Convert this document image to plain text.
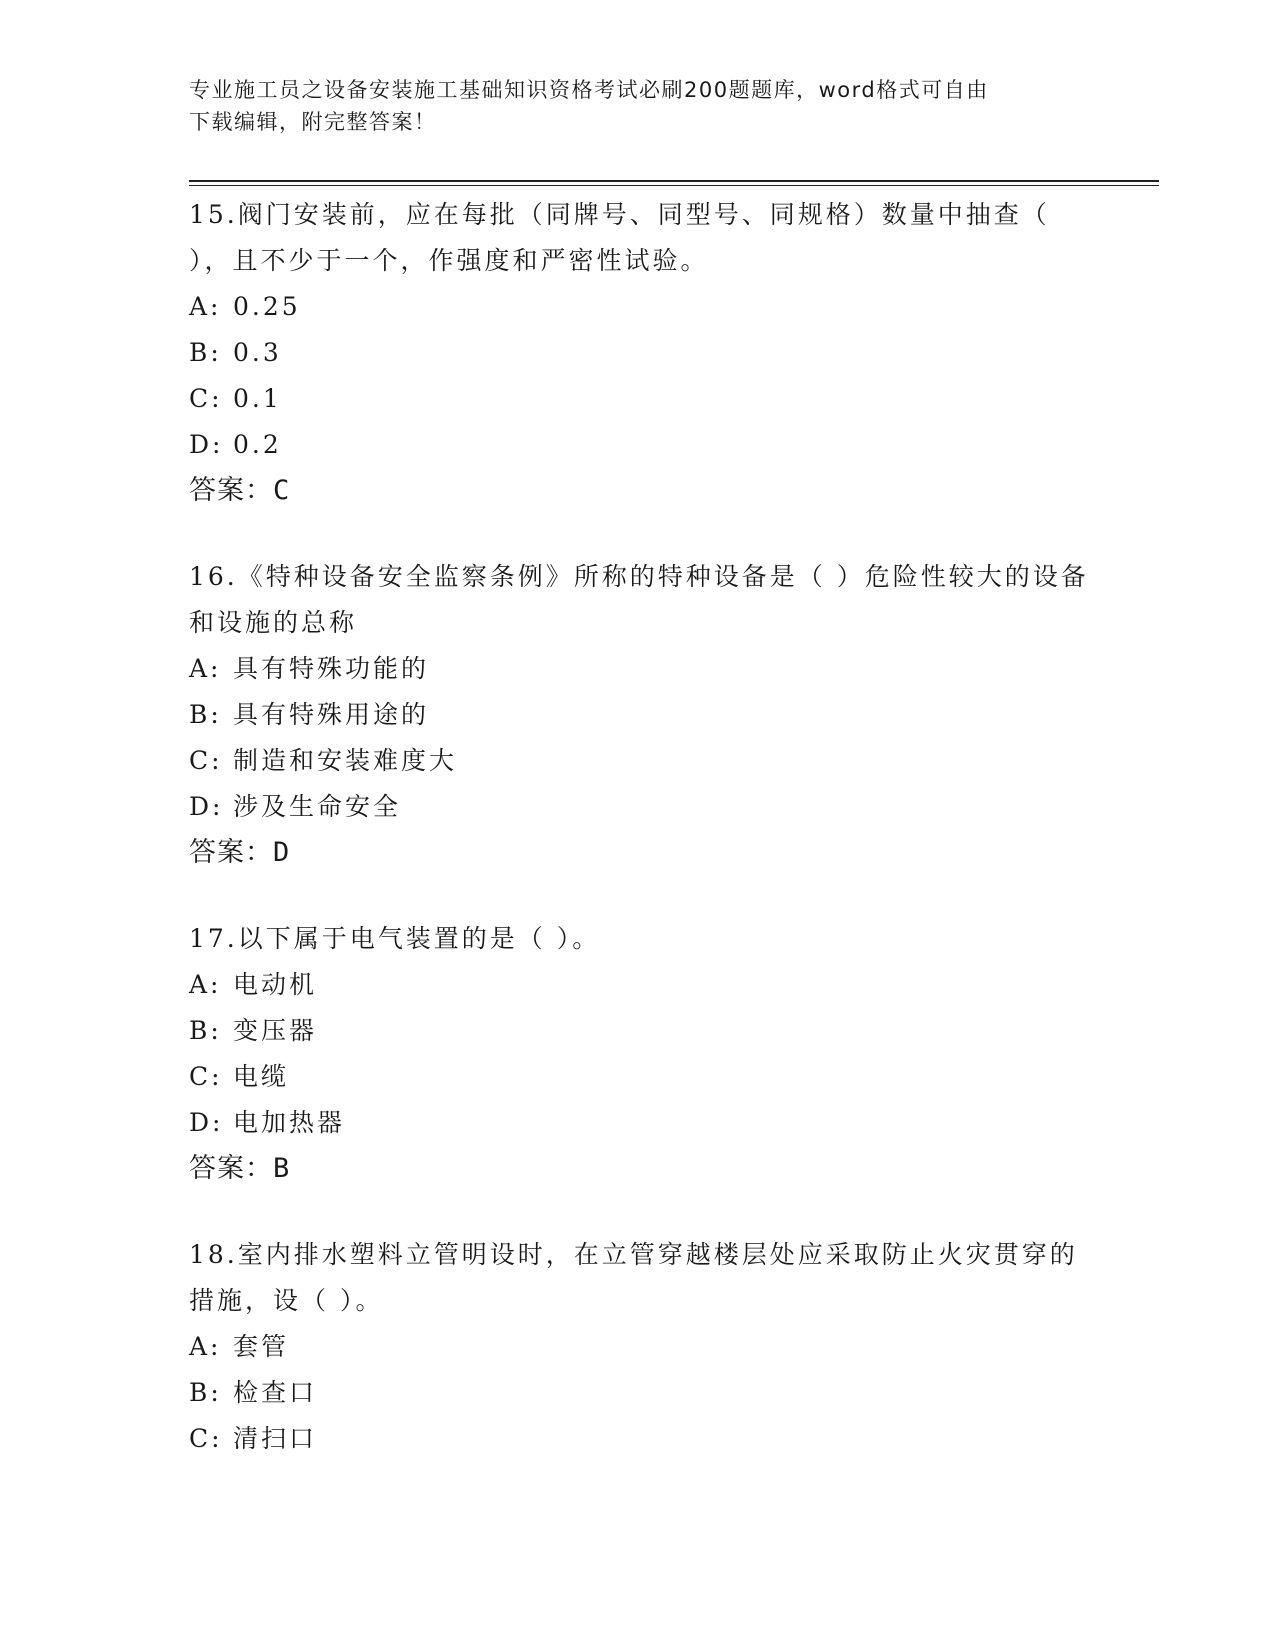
专业施工员之设备安装施工基础知识资格考试必刷200题题库，word格式可自由
下载编辑，附完整答案！
15.阀门安装前，应在每批（同牌号、同型号、同规格）数量中抽查（ ），且不少于一个，作强度和严密性试验。
A: 0.25
B: 0.3
C: 0.1
D: 0.2
答案：C
16.《特种设备安全监察条例》所称的特种设备是（ ）危险性较大的设备和设施的总称
A: 具有特殊功能的
B: 具有特殊用途的
C: 制造和安装难度大
D: 涉及生命安全
答案：D
17.以下属于电气装置的是（ ）。
A: 电动机
B: 变压器
C: 电缆
D: 电加热器
答案：B
18.室内排水塑料立管明设时，在立管穿越楼层处应采取防止火灾贯穿的措施，设（ ）。
A: 套管
B: 检查口
C: 清扫口
